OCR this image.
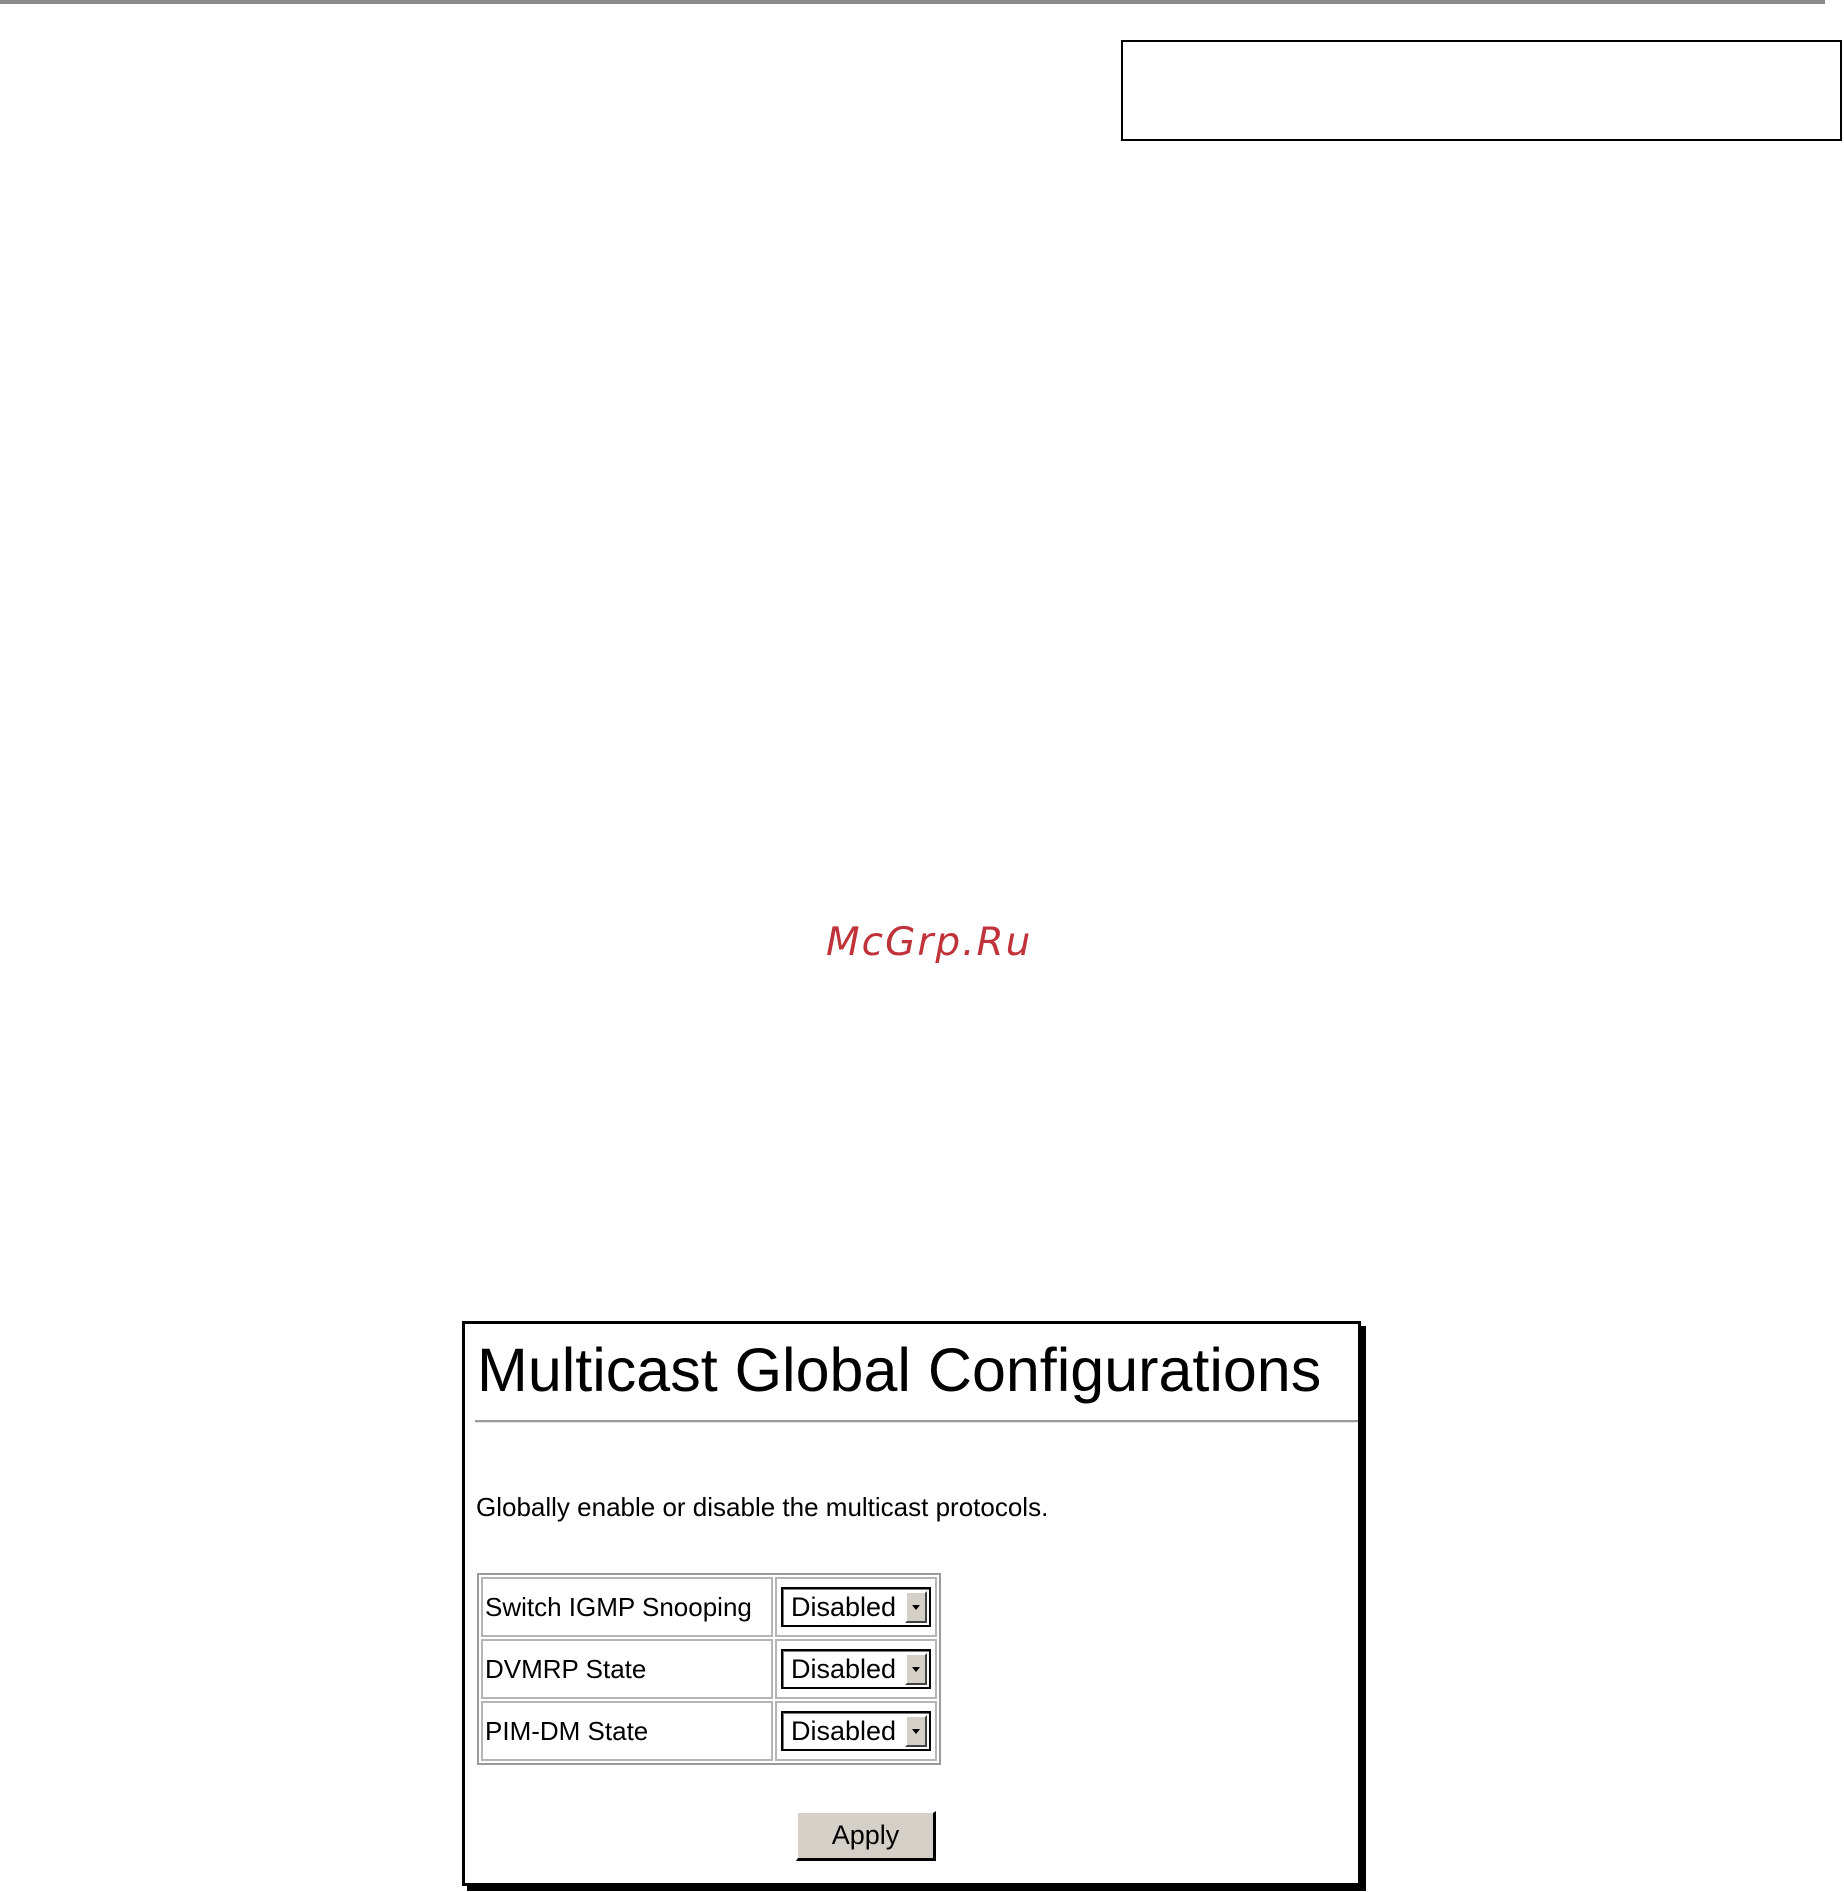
McGrp.Ru
Multicast Global Configurations
Globally enable or disable the multicast protocols.
Switch IGMP Snooping	Disabled

DVMRP State	Disabled

PIM-DM State	Disabled
Apply
